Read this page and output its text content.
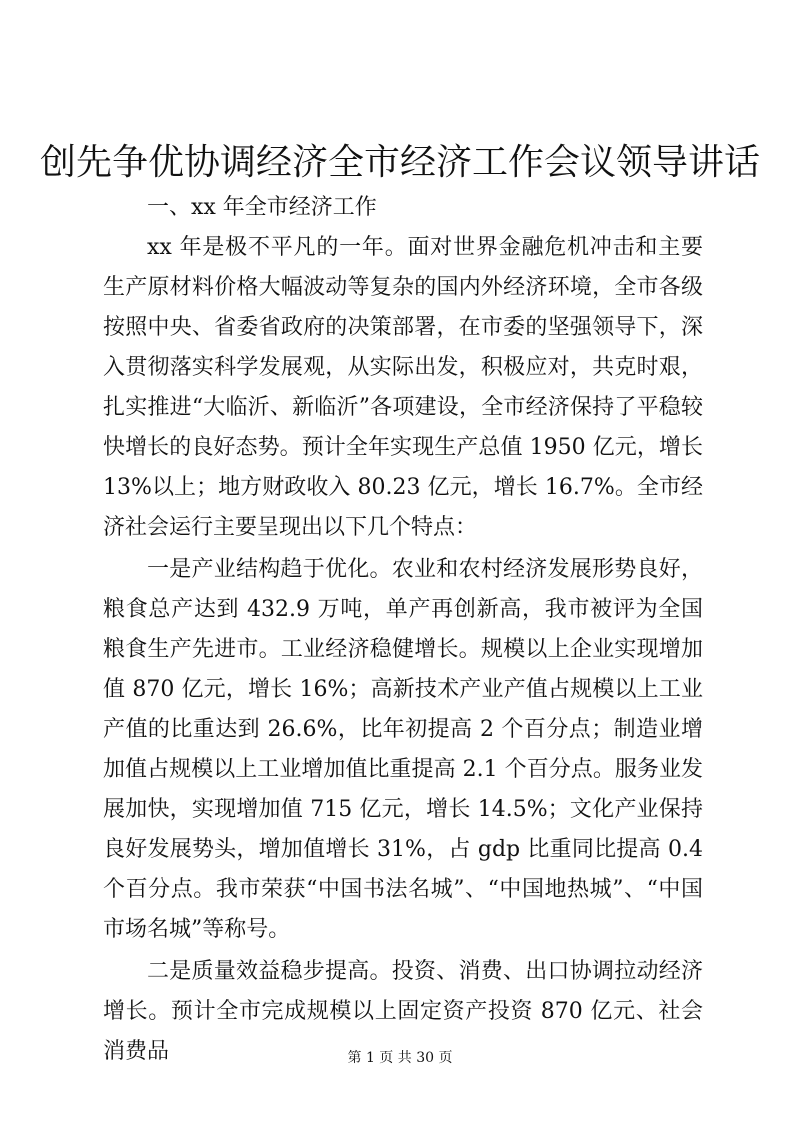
创先争优协调经济全市经济工作会议领导讲话

一、xx 年全市经济工作

xx 年是极不平凡的一年。面对世界金融危机冲击和主要生产原材料价格大幅波动等复杂的国内外经济环境，全市各级按照中央、省委省政府的决策部署，在市委的坚强领导下，深入贯彻落实科学发展观，从实际出发，积极应对，共克时艰，扎实推进“大临沂、新临沂”各项建设，全市经济保持了平稳较快增长的良好态势。预计全年实现生产总值 1950 亿元，增长 13%以上；地方财政收入 80.23 亿元，增长 16.7%。全市经济社会运行主要呈现出以下几个特点：

一是产业结构趋于优化。农业和农村经济发展形势良好，粮食总产达到 432.9 万吨，单产再创新高，我市被评为全国粮食生产先进市。工业经济稳健增长。规模以上企业实现增加值 870 亿元，增长 16%；高新技术产业产值占规模以上工业产值的比重达到 26.6%，比年初提高 2 个百分点；制造业增加值占规模以上工业增加值比重提高 2.1 个百分点。服务业发展加快，实现增加值 715 亿元，增长 14.5%；文化产业保持良好发展势头，增加值增长 31%，占 gdp 比重同比提高 0.4 个百分点。我市荣获“中国书法名城”、“中国地热城”、“中国市场名城”等称号。

二是质量效益稳步提高。投资、消费、出口协调拉动经济增长。预计全市完成规模以上固定资产投资 870 亿元、社会消费品	第 1 页 共 30 页
